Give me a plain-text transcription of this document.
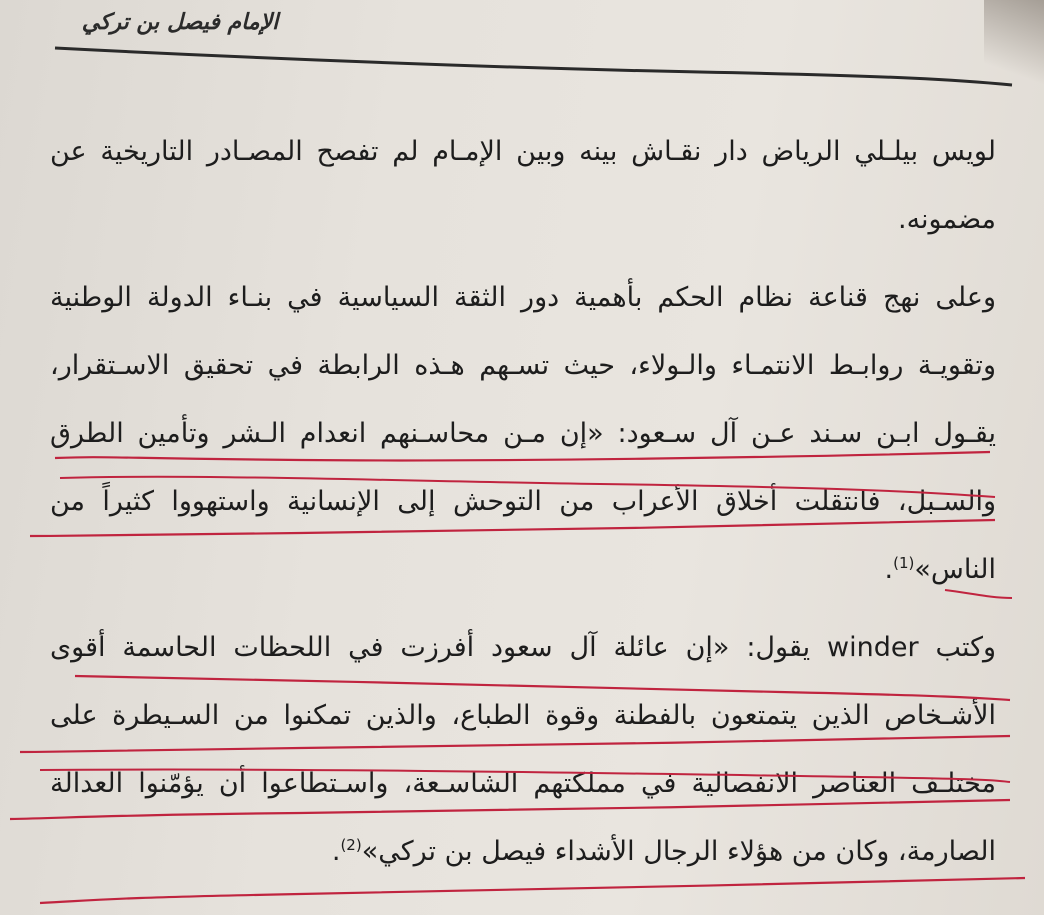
الإمام فيصل بن تركي
لويس بيلـلي الرياض دار نقـاش بينه وبين الإمـام لم تفصح المصـادر التاريخية عن
مضمونه.
وعلى نهج قناعة نظام الحكم بأهمية دور الثقة السياسية في بنـاء الدولة الوطنية
وتقويـة روابـط الانتمـاء والـولاء، حيث تسـهم هـذه الرابطة في تحقيق الاسـتقرار،
يقـول ابـن سـند عـن آل سـعود: «إن مـن محاسـنهم انعدام الـشر وتأمين الطرق
والسـبل، فانتقلت أخلاق الأعراب من التوحش إلى الإنسانية واستهووا كثيراً من
الناس»$^{(1)}$.
وكتب winder يقول: «إن عائلة آل سعود أفرزت في اللحظات الحاسمة أقوى
الأشـخاص الذين يتمتعون بالفطنة وقوة الطباع، والذين تمكنوا من السـيطرة على
مختلـف العناصر الانفصالية في مملكتهم الشاسـعة، واسـتطاعوا أن يؤمّنوا العدالة
الصارمة، وكان من هؤلاء الرجال الأشداء فيصل بن تركي»$^{(2)}$.
